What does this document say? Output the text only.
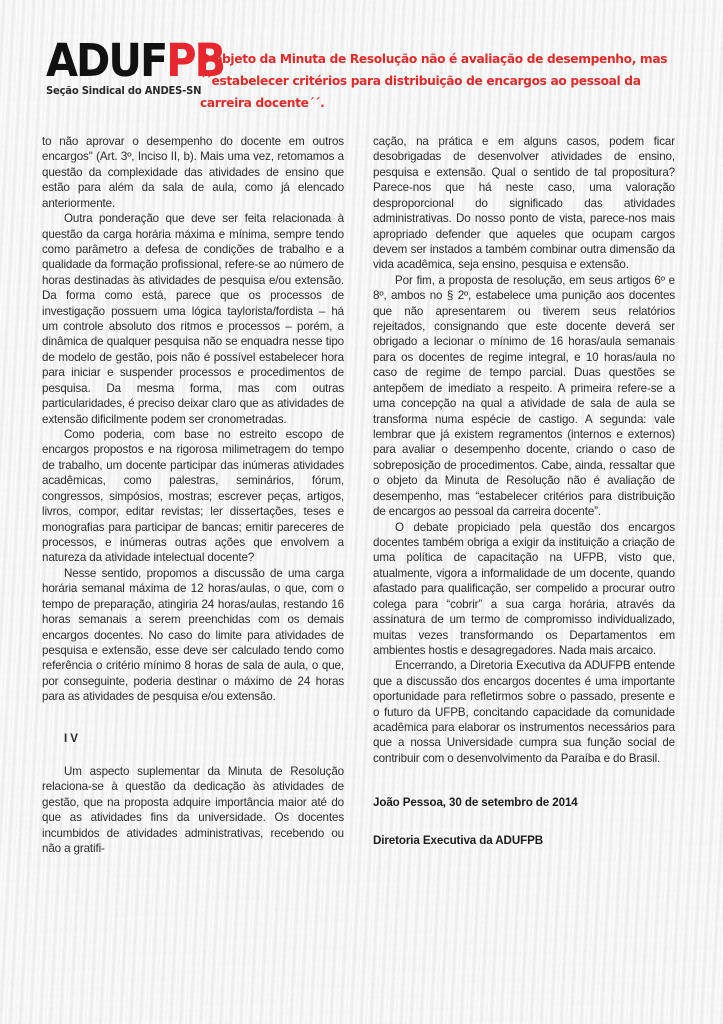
ADUFPB
Seção Sindical do ANDES-SN
O objeto da Minuta de Resolução não é avaliação de desempenho, mas ´´estabelecer critérios para distribuição de encargos ao pessoal da carreira docente´´.

to não aprovar o desempenho do docente em outros encargos" (Art. 3º, Inciso II, b). Mais uma vez, retomamos a questão da complexidade das atividades de ensino que estão para além da sala de aula, como já elencado anteriormente.

Outra ponderação que deve ser feita relacionada à questão da carga horária máxima e mínima, sempre tendo como parâmetro a defesa de condições de trabalho e a qualidade da formação profissional, refere-se ao número de horas destinadas às atividades de pesquisa e/ou extensão. Da forma como está, parece que os processos de investigação possuem uma lógica taylorista/fordista – há um controle absoluto dos ritmos e processos – porém, a dinâmica de qualquer pesquisa não se enquadra nesse tipo de modelo de gestão, pois não é possível estabelecer hora para iniciar e suspender processos e procedimentos de pesquisa. Da mesma forma, mas com outras particularidades, é preciso deixar claro que as atividades de extensão dificilmente podem ser cronometradas.

Como poderia, com base no estreito escopo de encargos propostos e na rigorosa milimetragem do tempo de trabalho, um docente participar das inúmeras atividades acadêmicas, como palestras, seminários, fórum, congressos, simpósios, mostras; escrever peças, artigos, livros, compor, editar revistas; ler dissertações, teses e monografias para participar de bancas; emitir pareceres de processos, e inúmeras outras ações que envolvem a natureza da atividade intelectual docente?

Nesse sentido, propomos a discussão de uma carga horária semanal máxima de 12 horas/aulas, o que, com o tempo de preparação, atingiria 24 horas/aulas, restando 16 horas semanais a serem preenchidas com os demais encargos docentes. No caso do limite para atividades de pesquisa e extensão, esse deve ser calculado tendo como referência o critério mínimo 8 horas de sala de aula, o que, por conseguinte, poderia destinar o máximo de 24 horas para as atividades de pesquisa e/ou extensão.

I V

Um aspecto suplementar da Minuta de Resolução relaciona-se à questão da dedicação às atividades de gestão, que na proposta adquire importância maior até do que as atividades fins da universidade. Os docentes incumbidos de atividades administrativas, recebendo ou não a gratifi-

cação, na prática e em alguns casos, podem ficar desobrigadas de desenvolver atividades de ensino, pesquisa e extensão. Qual o sentido de tal propositura? Parece-nos que há neste caso, uma valoração desproporcional do significado das atividades administrativas. Do nosso ponto de vista, parece-nos mais apropriado defender que aqueles que ocupam cargos devem ser instados a também combinar outra dimensão da vida acadêmica, seja ensino, pesquisa e extensão.

Por fim, a proposta de resolução, em seus artigos 6º e 8º, ambos no § 2º, estabelece uma punição aos docentes que não apresentarem ou tiverem seus relatórios rejeitados, consignando que este docente deverá ser obrigado a lecionar o mínimo de 16 horas/aula semanais para os docentes de regime integral, e 10 horas/aula no caso de regime de tempo parcial. Duas questões se antepõem de imediato a respeito. A primeira refere-se a uma concepção na qual a atividade de sala de aula se transforma numa espécie de castigo. A segunda: vale lembrar que já existem regramentos (internos e externos) para avaliar o desempenho docente, criando o caso de sobreposição de procedimentos. Cabe, ainda, ressaltar que o objeto da Minuta de Resolução não é avaliação de desempenho, mas “estabelecer critérios para distribuição de encargos ao pessoal da carreira docente”.

O debate propiciado pela questão dos encargos docentes também obriga a exigir da instituição a criação de uma política de capacitação na UFPB, visto que, atualmente, vigora a informalidade de um docente, quando afastado para qualificação, ser compelido a procurar outro colega para “cobrir” a sua carga horária, através da assinatura de um termo de compromisso individualizado, muitas vezes transformando os Departamentos em ambientes hostis e desagregadores. Nada mais arcaico.

Encerrando, a Diretoria Executiva da ADUFPB entende que a discussão dos encargos docentes é uma importante oportunidade para refletirmos sobre o passado, presente e o futuro da UFPB, concitando capacidade da comunidade acadêmica para elaborar os instrumentos necessários para que a nossa Universidade cumpra sua função social de contribuir com o desenvolvimento da Paraíba e do Brasil.

João Pessoa, 30 de setembro de 2014
Diretoria Executiva da ADUFPB
